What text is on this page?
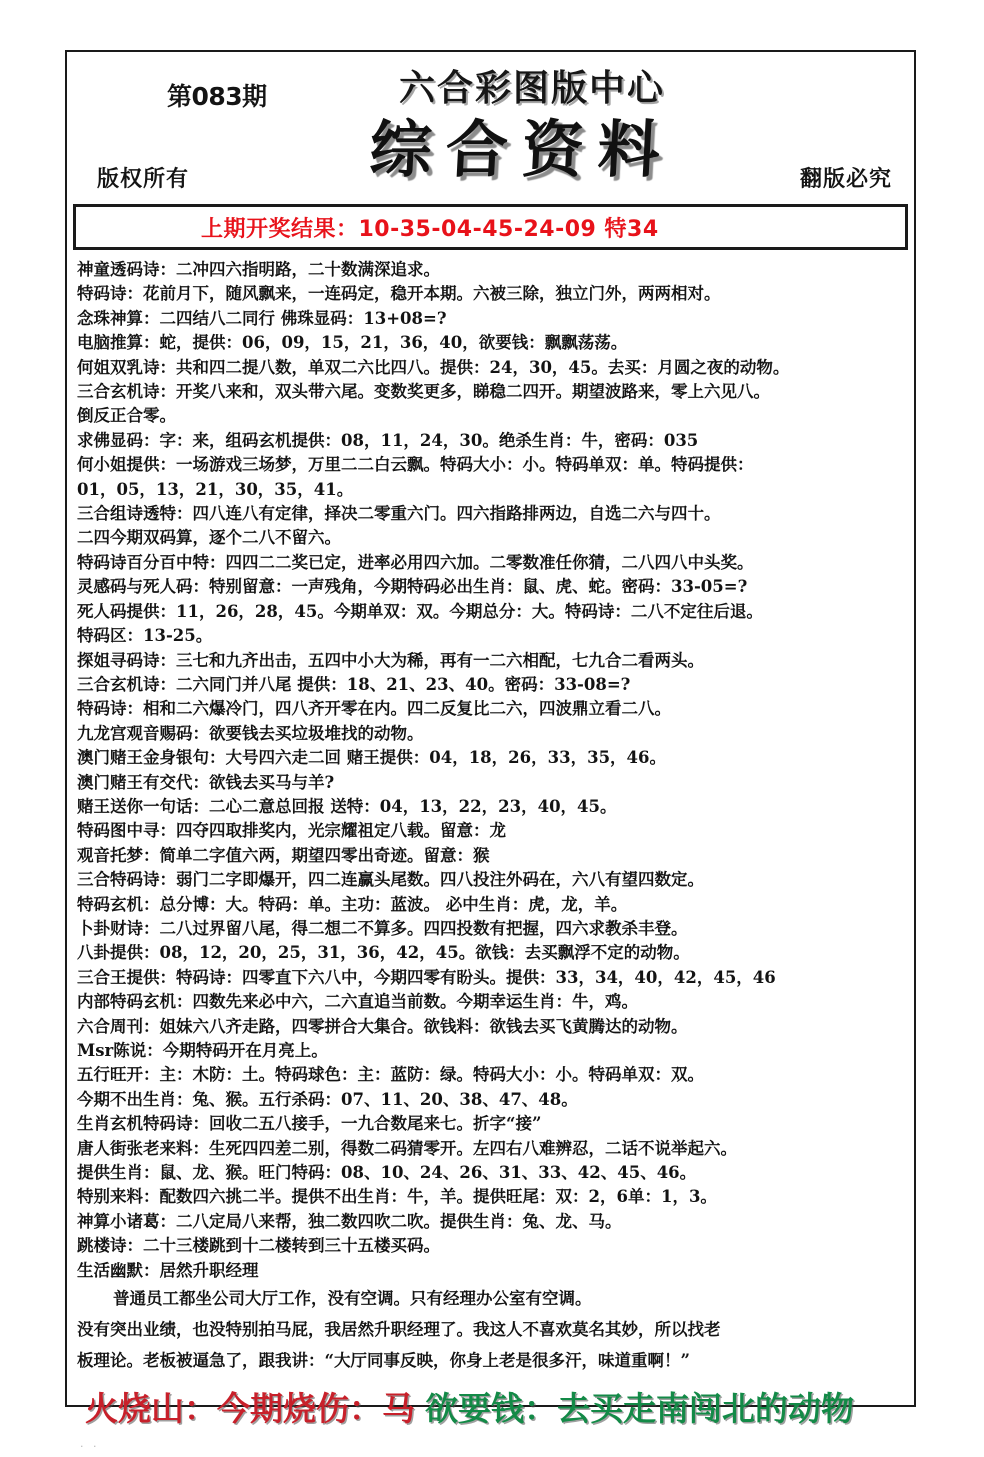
第083期	六合彩图版中心
综合资料
版权所有	翻版必究
上期开奖结果：10-35-04-45-24-09 特34
神童透码诗：二冲四六指明路，二十数满深追求。
特码诗：花前月下，随风飘来，一连码定，稳开本期。六被三除，独立门外，两两相对。
念珠神算：二四结八二同行 佛珠显码：13+08=?
电脑推算：蛇，提供：06，09，15，21，36，40，欲要钱：飘飘荡荡。
何姐双乳诗：共和四二提八数，单双二六比四八。提供：24，30，45。去买：月圆之夜的动物。
三合玄机诗：开奖八来和，双头带六尾。变数奖更多，睇稳二四开。期望波路来，零上六见八。
倒反正合零。
求佛显码：字：来，组码玄机提供：08，11，24，30。绝杀生肖：牛，密码：035
何小姐提供：一场游戏三场梦，万里二二白云飘。特码大小：小。特码单双：单。特码提供：
01，05，13，21，30，35，41。
三合组诗透特：四八连八有定律，择决二零重六门。四六指路排两边，自选二六与四十。
二四今期双码算，逐个二八不留六。
特码诗百分百中特：四四二二奖已定，进率必用四六加。二零数准任你猜，二八四八中头奖。
灵感码与死人码：特别留意：一声残角，今期特码必出生肖：鼠、虎、蛇。密码：33-05=?
死人码提供：11，26，28，45。今期单双：双。今期总分：大。特码诗：二八不定往后退。
特码区：13-25。
探姐寻码诗：三七和九齐出击，五四中小大为稀，再有一二六相配，七九合二看两头。
三合玄机诗：二六同门并八尾 提供：18、21、23、40。密码：33-08=?
特码诗：相和二六爆冷门，四八齐开零在内。四二反复比二六，四波鼎立看二八。
九龙宫观音赐码：欲要钱去买垃圾堆找的动物。
澳门赌王金身银句：大号四六走二回 赌王提供：04，18，26，33，35，46。
澳门赌王有交代：欲钱去买马与羊?
赌王送你一句话：二心二意总回报 送特：04，13，22，23，40，45。
特码图中寻：四夺四取排奖内，光宗耀祖定八载。留意：龙
观音托梦：简单二字值六两，期望四零出奇迹。留意：猴
三合特码诗：弱门二字即爆开，四二连赢头尾数。四八投注外码在，六八有望四数定。
特码玄机：总分博：大。特码：单。主功：蓝波。 必中生肖：虎，龙，羊。
卜卦财诗：二八过界留八尾，得二想二不算多。四四投数有把握，四六求教杀丰登。
八卦提供：08，12，20，25，31，36，42，45。欲钱：去买飘浮不定的动物。
三合王提供：特码诗：四零直下六八中，今期四零有盼头。提供：33，34，40，42，45，46
内部特码玄机：四数先来必中六，二六直追当前数。今期幸运生肖：牛，鸡。
六合周刊：姐妹六八齐走路，四零拼合大集合。欲钱料：欲钱去买飞黄腾达的动物。
Msr陈说：今期特码开在月亮上。
五行旺开：主：木防：土。特码球色：主：蓝防：绿。特码大小：小。特码单双：双。
今期不出生肖：兔、猴。五行杀码：07、11、20、38、47、48。
生肖玄机特码诗：回收二五八接手，一九合数尾来七。折字“接”
唐人街张老来料：生死四四差二别，得数二码猜零开。左四右八难辨忍，二话不说举起六。
提供生肖：鼠、龙、猴。旺门特码：08、10、24、26、31、33、42、45、46。
特别来料：配数四六挑二半。提供不出生肖：牛，羊。提供旺尾：双：2，6单：1，3。
神算小诸葛：二八定局八来帮，独二数四吹二吹。提供生肖：兔、龙、马。
跳楼诗：二十三楼跳到十二楼转到三十五楼买码。
生活幽默：居然升职经理
普通员工都坐公司大厅工作，没有空调。只有经理办公室有空调。
没有突出业绩，也没特别拍马屁，我居然升职经理了。我这人不喜欢莫名其妙，所以找老
板理论。老板被逼急了，跟我讲：“大厅同事反映，你身上老是很多汗，味道重啊！”
火烧山：今期烧伤：马 欲要钱：去买走南闯北的动物
. .
